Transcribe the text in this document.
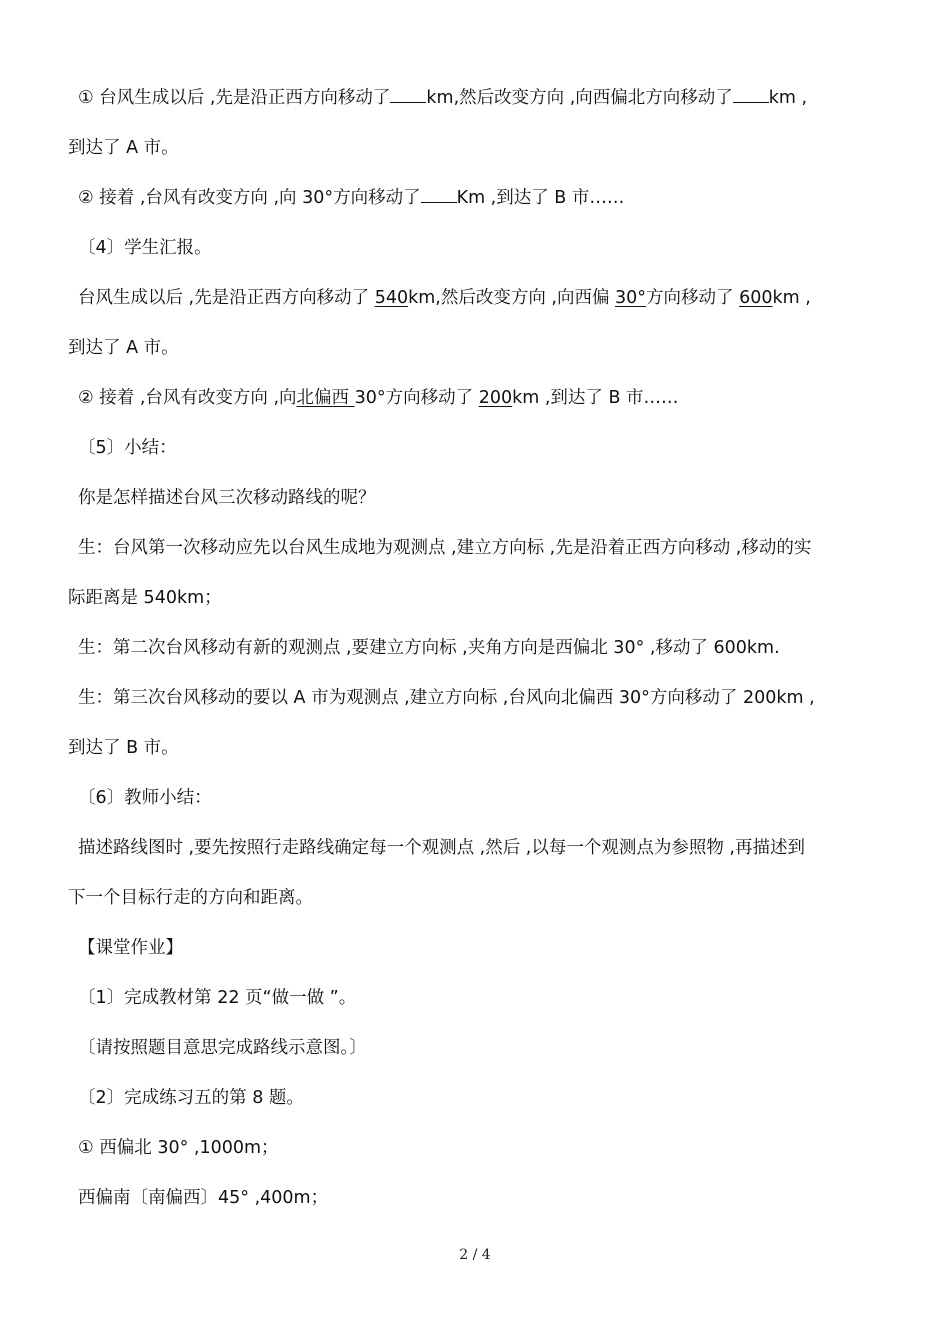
① 台风生成以后 ,先是沿正西方向移动了 km,然后改变方向 ,向西偏北方向移动了 km ,
到达了 A 市。
② 接着 ,台风有改变方向 ,向 30°方向移动了 Km ,到达了 B 市……
〔4〕学生汇报。
台风生成以后 ,先是沿正西方向移动了 540km,然后改变方向 ,向西偏 30°方向移动了 600km ,
到达了 A 市。
② 接着 ,台风有改变方向 ,向北偏西 30°方向移动了 200km ,到达了 B 市……
〔5〕小结：
你是怎样描述台风三次移动路线的呢？
生：台风第一次移动应先以台风生成地为观测点 ,建立方向标 ,先是沿着正西方向移动 ,移动的实
际距离是 540km；
生：第二次台风移动有新的观测点 ,要建立方向标 ,夹角方向是西偏北 30° ,移动了 600km.
生：第三次台风移动的要以 A 市为观测点 ,建立方向标 ,台风向北偏西 30°方向移动了 200km ,
到达了 B 市。
〔6〕教师小结：
描述路线图时 ,要先按照行走路线确定每一个观测点 ,然后 ,以每一个观测点为参照物 ,再描述到
下一个目标行走的方向和距离。
【课堂作业】
〔1〕完成教材第 22 页“做一做 ”。
〔请按照题目意思完成路线示意图。〕
〔2〕完成练习五的第 8 题。
① 西偏北 30° ,1000m；
西偏南〔南偏西〕45° ,400m；
2 / 4
